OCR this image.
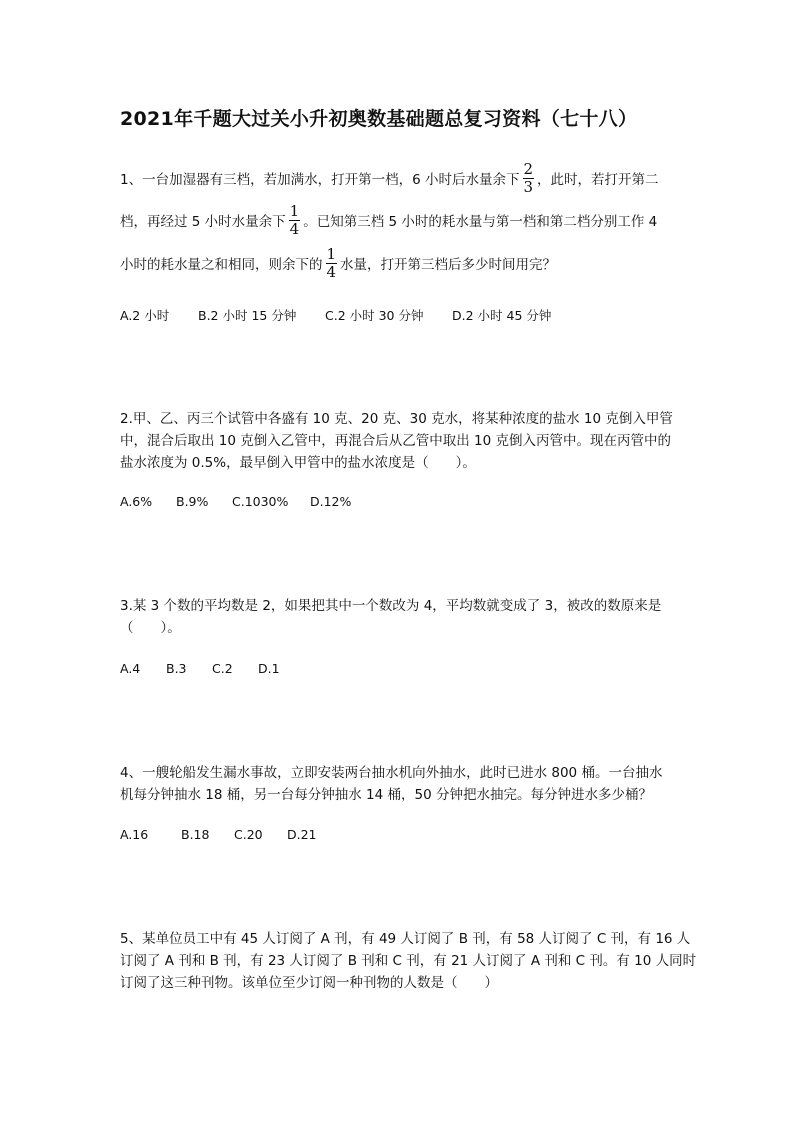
2021年千题大过关小升初奥数基础题总复习资料（七十八）
1、一台加湿器有三档，若加满水，打开第一档，6 小时后水量余下 $\frac{2}{3}$ ，此时，若打开第二
档，再经过 5 小时水量余下 $\frac{1}{4}$ 。已知第三档 5 小时的耗水量与第一档和第二档分别工作 4
小时的耗水量之和相同，则余下的 $\frac{1}{4}$ 水量，打开第三档后多少时间用完？
A.2 小时 B.2 小时 15 分钟 C.2 小时 30 分钟 D.2 小时 45 分钟
2.甲、乙、丙三个试管中各盛有 10 克、20 克、30 克水，将某种浓度的盐水 10 克倒入甲管
中，混合后取出 10 克倒入乙管中，再混合后从乙管中取出 10 克倒入丙管中。现在丙管中的
盐水浓度为 0.5%，最早倒入甲管中的盐水浓度是（　　）。
A.6% B.9% C.1030% D.12%
3.某 3 个数的平均数是 2，如果把其中一个数改为 4，平均数就变成了 3，被改的数原来是
（　　）。
A.4 B.3 C.2 D.1
4、一艘轮船发生漏水事故，立即安装两台抽水机向外抽水，此时已进水 800 桶。一台抽水
机每分钟抽水 18 桶，另一台每分钟抽水 14 桶，50 分钟把水抽完。每分钟进水多少桶？
A.16	B.18 C.20 D.21
5、某单位员工中有 45 人订阅了 A 刊，有 49 人订阅了 B 刊，有 58 人订阅了 C 刊，有 16 人
订阅了 A 刊和 B 刊，有 23 人订阅了 B 刊和 C 刊，有 21 人订阅了 A 刊和 C 刊。有 10 人同时
订阅了这三种刊物。该单位至少订阅一种刊物的人数是（　　）
